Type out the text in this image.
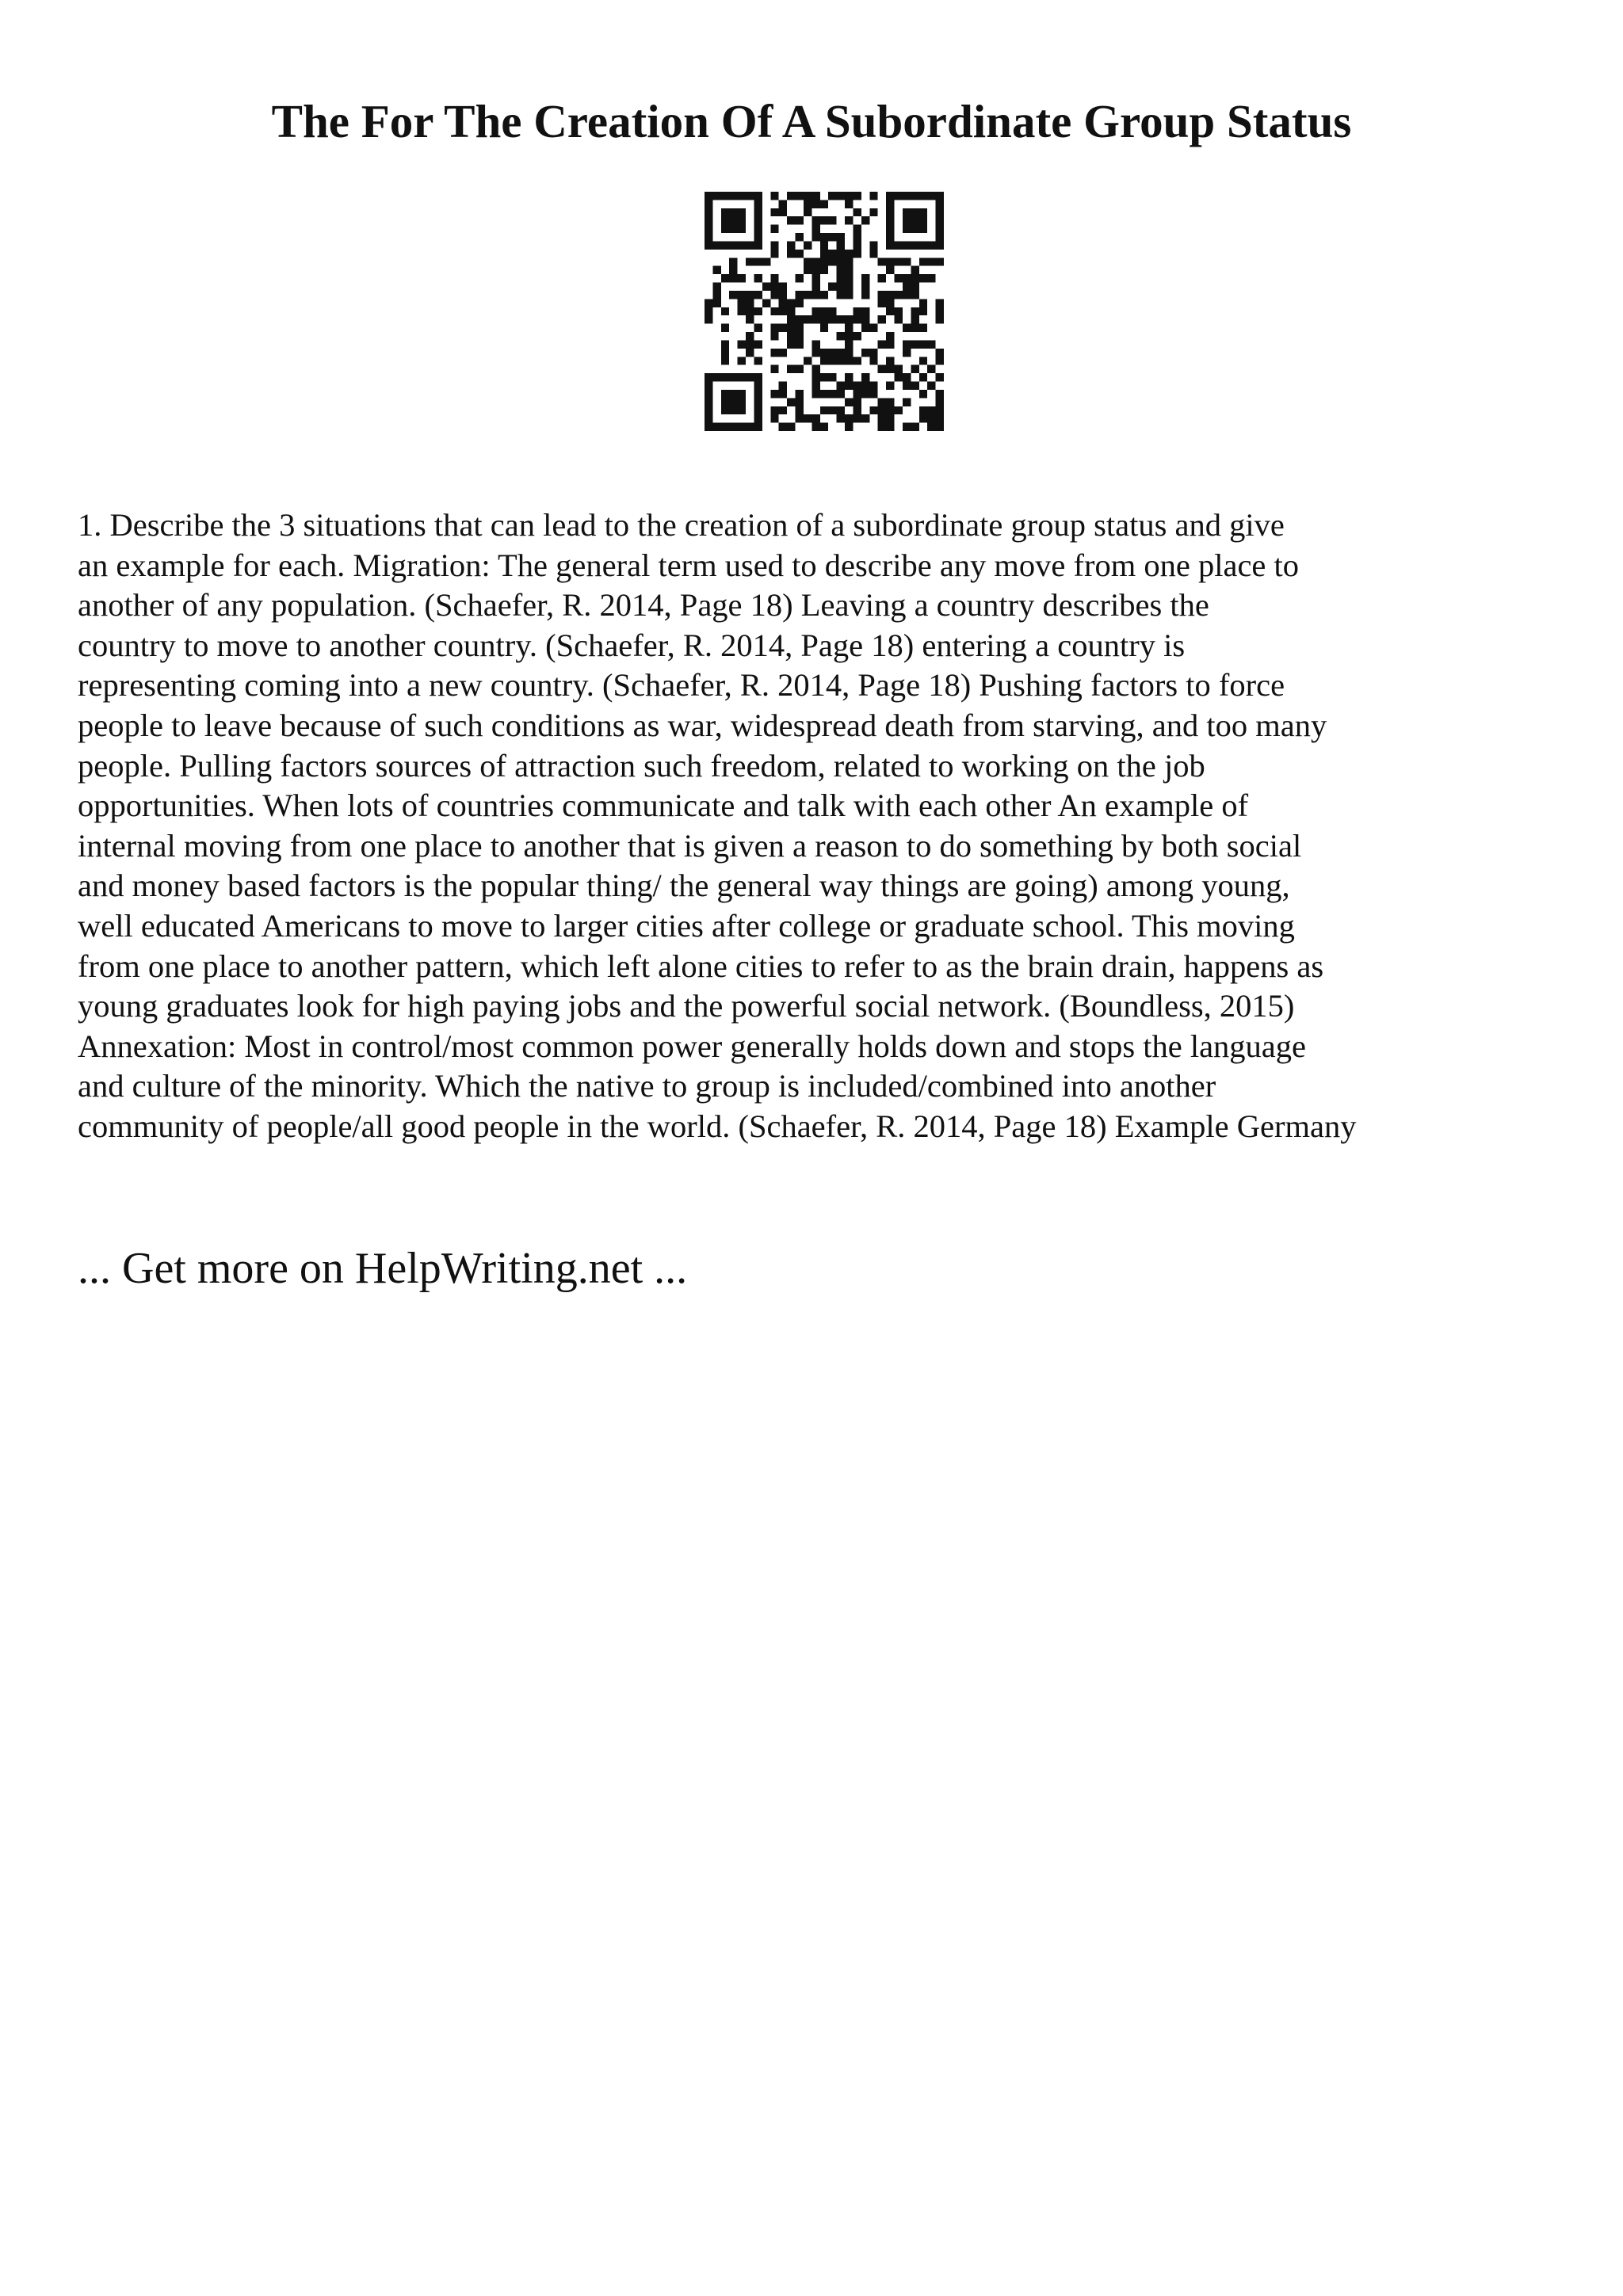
The For The Creation Of A Subordinate Group Status

1. Describe the 3 situations that can lead to the creation of a subordinate group status and give
an example for each. Migration: The general term used to describe any move from one place to
another of any population. (Schaefer, R. 2014, Page 18) Leaving a country describes the
country to move to another country. (Schaefer, R. 2014, Page 18) entering a country is
representing coming into a new country. (Schaefer, R. 2014, Page 18) Pushing factors to force
people to leave because of such conditions as war, widespread death from starving, and too many
people. Pulling factors sources of attraction such freedom, related to working on the job
opportunities. When lots of countries communicate and talk with each other An example of
internal moving from one place to another that is given a reason to do something by both social
and money based factors is the popular thing/ the general way things are going) among young,
well educated Americans to move to larger cities after college or graduate school. This moving
from one place to another pattern, which left alone cities to refer to as the brain drain, happens as
young graduates look for high paying jobs and the powerful social network. (Boundless, 2015)
Annexation: Most in control/most common power generally holds down and stops the language
and culture of the minority. Which the native to group is included/combined into another
community of people/all good people in the world. (Schaefer, R. 2014, Page 18) Example Germany

... Get more on HelpWriting.net ...
